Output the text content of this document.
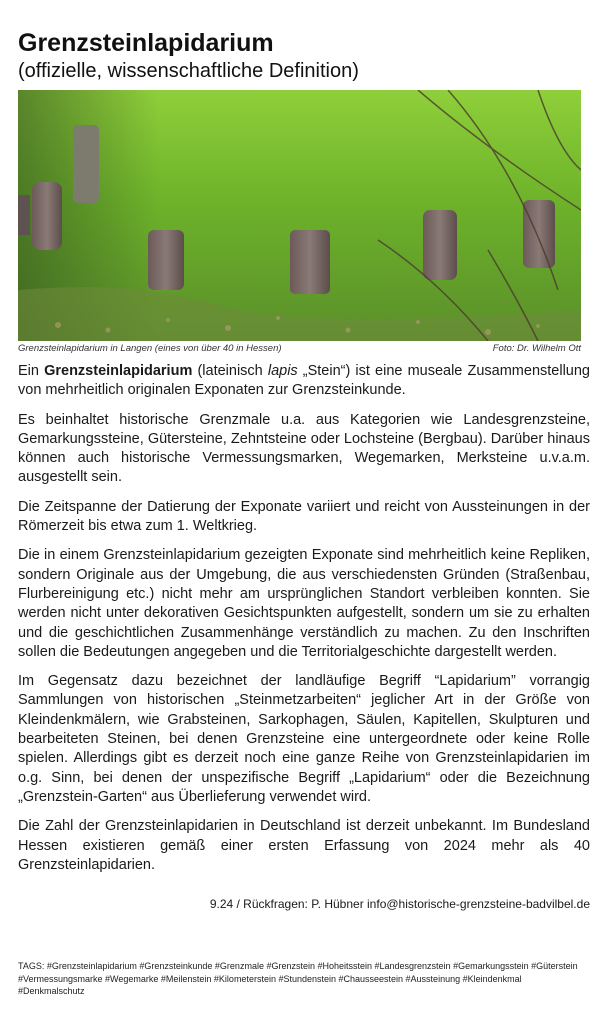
Grenzsteinlapidarium
(offizielle, wissenschaftliche Definition)
Grenzsteinlapidarium in Langen (eines von über 40 in Hessen)	Foto: Dr. Wilhelm Ott

Ein Grenzsteinlapidarium (lateinisch lapis „Stein“) ist eine museale Zusammenstellung von mehrheitlich originalen Exponaten zur Grenzsteinkunde.

Es beinhaltet historische Grenzmale u.a. aus Kategorien wie Landesgrenzsteine, Gemarkungssteine, Gütersteine, Zehntsteine oder Lochsteine (Bergbau). Darüber hinaus können auch historische Vermessungsmarken, Wegemarken, Merksteine u.v.a.m. ausgestellt sein.

Die Zeitspanne der Datierung der Exponate variiert und reicht von Aussteinungen in der Römerzeit bis etwa zum 1. Weltkrieg.

Die in einem Grenzsteinlapidarium gezeigten Exponate sind mehrheitlich keine Repliken, sondern Originale aus der Umgebung, die aus verschiedensten Gründen (Straßenbau, Flurbereinigung etc.) nicht mehr am ursprünglichen Standort verbleiben konnten. Sie werden nicht unter dekorativen Gesichtspunkten aufgestellt, sondern um sie zu erhalten und die geschichtlichen Zusammenhänge verständlich zu machen. Zu den Inschriften sollen die Bedeutungen angegeben und die Territorialgeschichte dargestellt werden.

Im Gegensatz dazu bezeichnet der landläufige Begriff “Lapidarium” vorrangig Sammlungen von historischen „Steinmetzarbeiten“ jeglicher Art in der Größe von Kleindenkmälern, wie Grabsteinen, Sarkophagen, Säulen, Kapitellen, Skulpturen und bearbeiteten Steinen, bei denen Grenzsteine eine untergeordnete oder keine Rolle spielen. Allerdings gibt es derzeit noch eine ganze Reihe von Grenzsteinlapidarien im o.g. Sinn, bei denen der unspezifische Begriff „Lapidarium“ oder die Bezeichnung „Grenzstein-Garten“ aus Überlieferung verwendet wird.

Die Zahl der Grenzsteinlapidarien in Deutschland ist derzeit unbekannt. Im Bundesland Hessen existieren gemäß einer ersten Erfassung von 2024 mehr als 40 Grenzsteinlapidarien.

9.24 / Rückfragen: P. Hübner info@historische-grenzsteine-badvilbel.de
TAGS: #Grenzsteinlapidarium #Grenzsteinkunde #Grenzmale #Grenzstein #Hoheitsstein #Landesgrenzstein #Gemarkungsstein #Güterstein #Vermessungsmarke #Wegemarke #Meilenstein #Kilometerstein #Stundenstein #Chausseestein #Aussteinung #Kleindenkmal #Denkmalschutz
